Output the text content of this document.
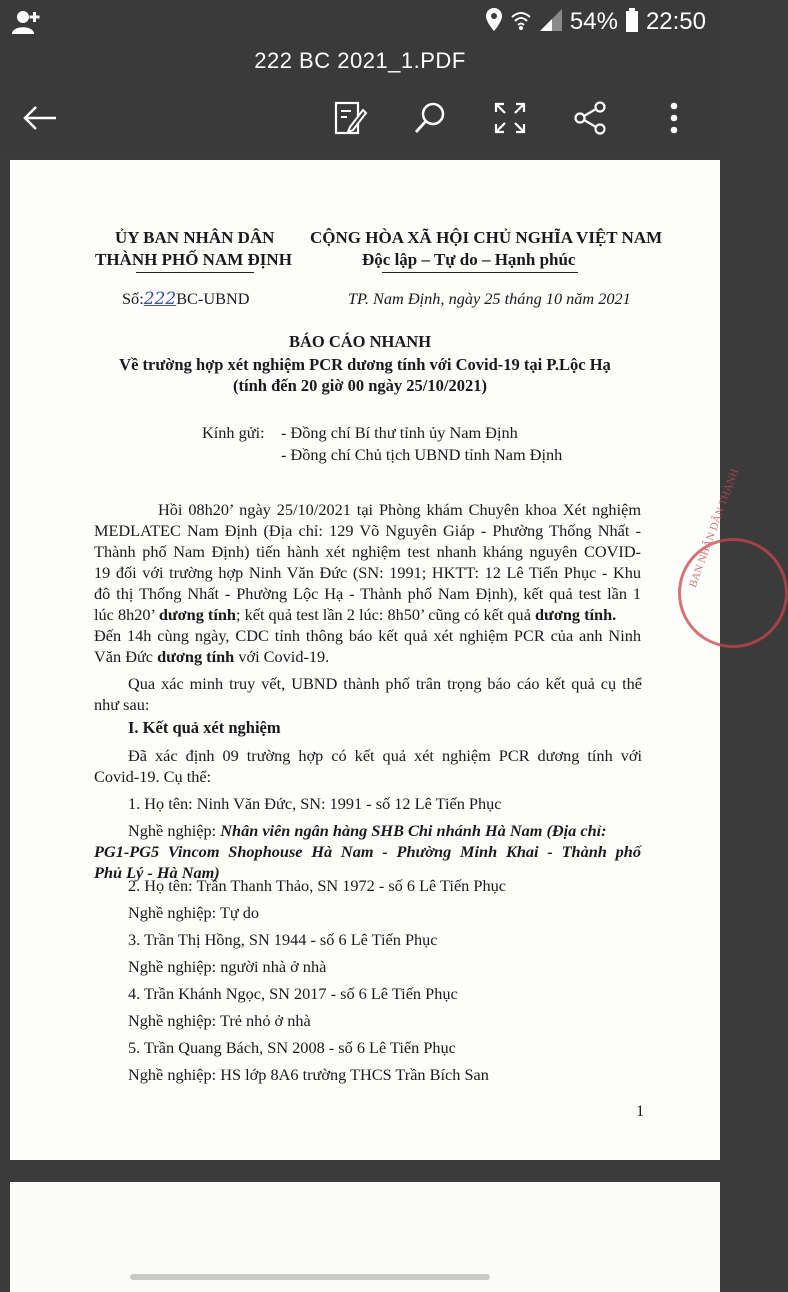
54% 22:50
222 BC 2021_1.PDF
ỦY BAN NHÂN DÂN
THÀNH PHỐ NAM ĐỊNH
CỘNG HÒA XÃ HỘI CHỦ NGHĨA VIỆT NAM
Độc lập – Tự do – Hạnh phúc
Số:222BC-UBND	TP. Nam Định, ngày 25 tháng 10 năm 2021
BÁO CÁO NHANH
Về trường hợp xét nghiệm PCR dương tính với Covid-19 tại P.Lộc Hạ
(tính đến 20 giờ 00 ngày 25/10/2021)
Kính gửi: - Đồng chí Bí thư tỉnh ủy Nam Định
- Đồng chí Chủ tịch UBND tỉnh Nam Định
Hồi 08h20’ ngày 25/10/2021 tại Phòng khám Chuyên khoa Xét nghiệm
MEDLATEC Nam Định (Địa chỉ: 129 Võ Nguyên Giáp - Phường Thống Nhất -
Thành phố Nam Định) tiến hành xét nghiệm test nhanh kháng nguyên COVID-
19 đối với trường hợp Ninh Văn Đức (SN: 1991; HKTT: 12 Lê Tiến Phục - Khu
đô thị Thống Nhất - Phường Lộc Hạ - Thành phố Nam Định), kết quả test lần 1
lúc 8h20’ dương tính; kết quả test lần 2 lúc: 8h50’ cũng có kết quả dương tính.
Đến 14h cùng ngày, CDC tỉnh thông báo kết quả xét nghiệm PCR của anh Ninh
Văn Đức dương tính với Covid-19.
Qua xác minh truy vết, UBND thành phố trân trọng báo cáo kết quả cụ thể
như sau:
I. Kết quả xét nghiệm
Đã xác định 09 trường hợp có kết quả xét nghiệm PCR dương tính với
Covid-19. Cụ thể:
1. Họ tên: Ninh Văn Đức, SN: 1991 - số 12 Lê Tiến Phục
Nghề nghiệp: Nhân viên ngân hàng SHB Chi nhánh Hà Nam (Địa chỉ:
PG1-PG5 Vincom Shophouse Hà Nam - Phường Minh Khai - Thành phố
Phủ Lý - Hà Nam)
2. Họ tên: Trần Thanh Thảo, SN 1972 - số 6 Lê Tiến Phục
Nghề nghiệp: Tự do
3. Trần Thị Hồng, SN 1944 - số 6 Lê Tiến Phục
Nghề nghiệp: người nhà ở nhà
4. Trần Khánh Ngọc, SN 2017 - số 6 Lê Tiến Phục
Nghề nghiệp: Trẻ nhỏ ở nhà
5. Trần Quang Bách, SN 2008 - số 6 Lê Tiến Phục
Nghề nghiệp: HS lớp 8A6 trường THCS Trần Bích San
1
BAN NHÂN DÂN THÀNH
